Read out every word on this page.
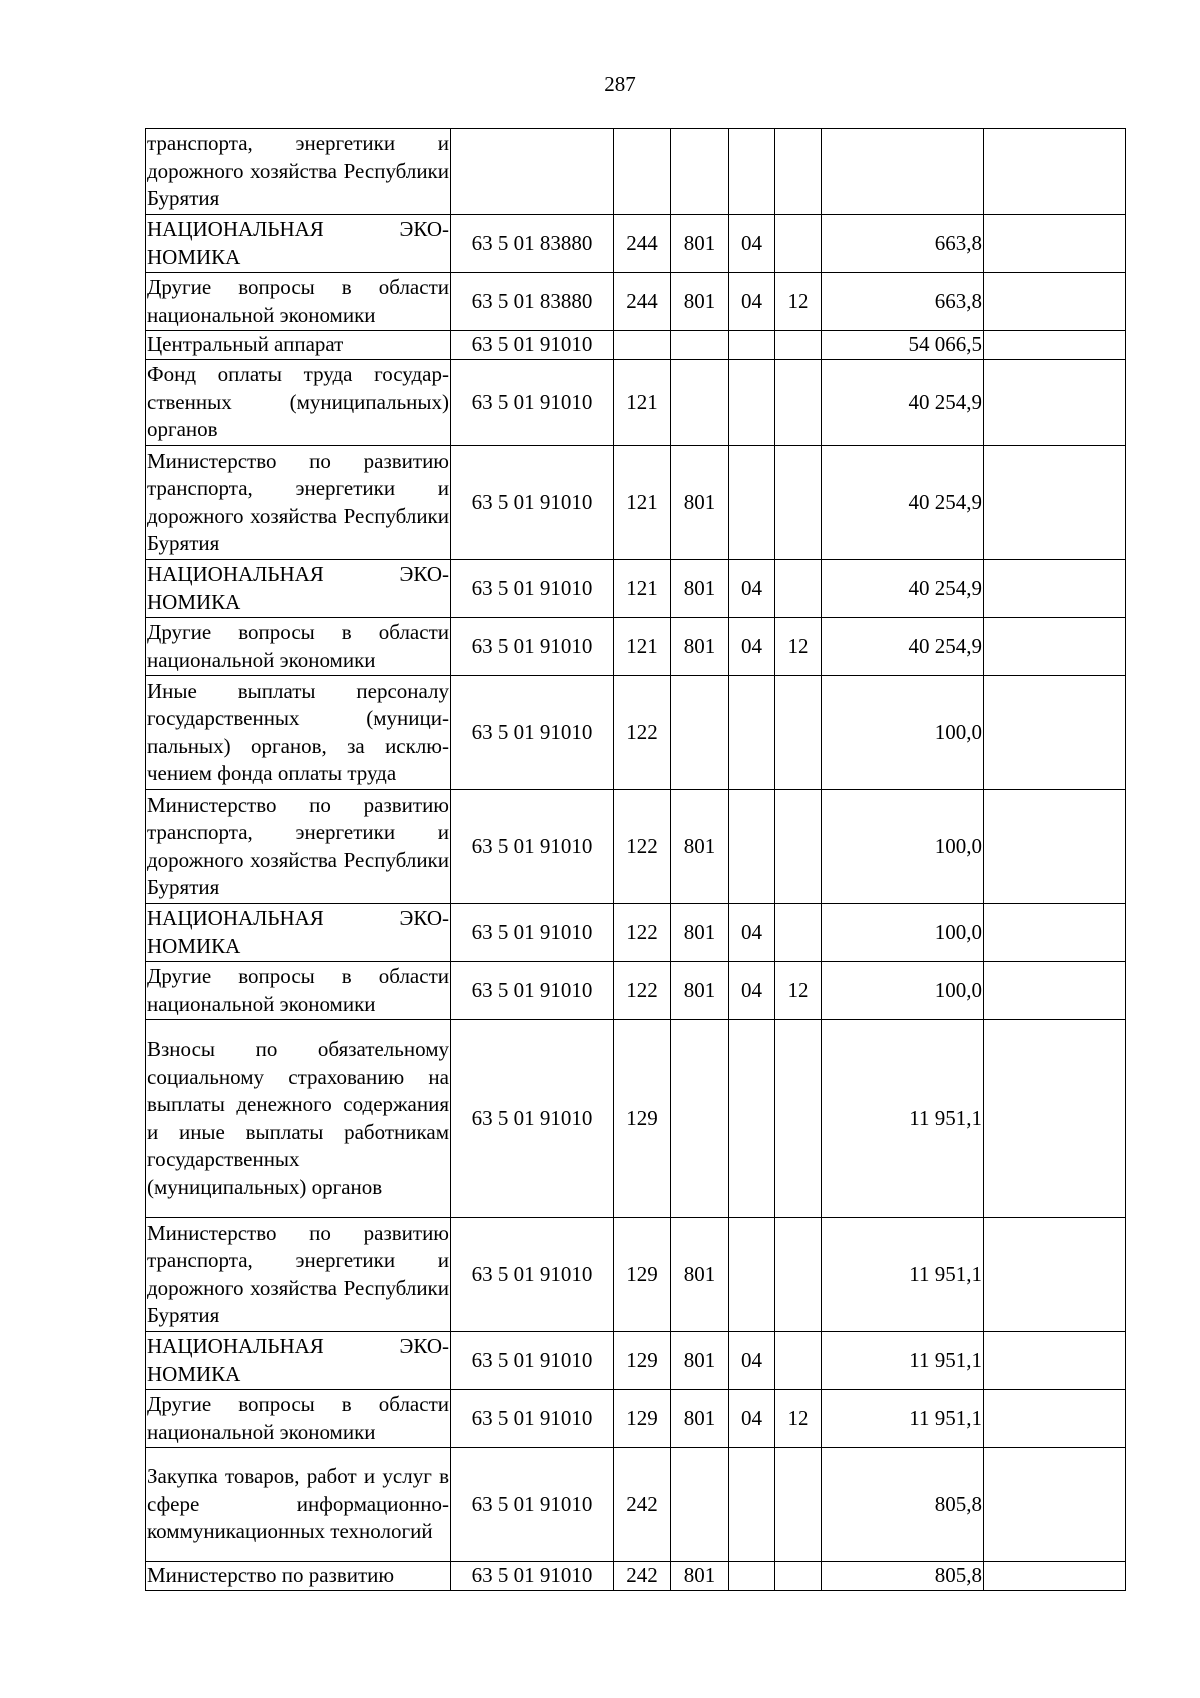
287
транспорта, энергетики и дорожного хозяйства Республики Бурятия							
НАЦИОНАЛЬНАЯ ЭКОНОМИКА	63 5 01 83880	244	801	04		663,8	
Другие вопросы в области национальной экономики	63 5 01 83880	244	801	04	12	663,8	
Центральный аппарат	63 5 01 91010					54 066,5	
Фонд оплаты труда государственных (муниципальных) органов	63 5 01 91010	121				40 254,9	
Министерство по развитию транспорта, энергетики и дорожного хозяйства Республики Бурятия	63 5 01 91010	121	801			40 254,9	
НАЦИОНАЛЬНАЯ ЭКОНОМИКА	63 5 01 91010	121	801	04		40 254,9	
Другие вопросы в области национальной экономики	63 5 01 91010	121	801	04	12	40 254,9	
Иные выплаты персоналу государственных (муниципальных) органов, за исключением фонда оплаты труда	63 5 01 91010	122				100,0	
Министерство по развитию транспорта, энергетики и дорожного хозяйства Республики Бурятия	63 5 01 91010	122	801			100,0	
НАЦИОНАЛЬНАЯ ЭКОНОМИКА	63 5 01 91010	122	801	04		100,0	
Другие вопросы в области национальной экономики	63 5 01 91010	122	801	04	12	100,0	
Взносы по обязательному социальному страхованию на выплаты денежного содержания и иные выплаты работникам государственных (муниципальных) органов	63 5 01 91010	129				11 951,1	
Министерство по развитию транспорта, энергетики и дорожного хозяйства Республики Бурятия	63 5 01 91010	129	801			11 951,1	
НАЦИОНАЛЬНАЯ ЭКОНОМИКА	63 5 01 91010	129	801	04		11 951,1	
Другие вопросы в области национальной экономики	63 5 01 91010	129	801	04	12	11 951,1	
Закупка товаров, работ и услуг в сфере информационно-коммуникационных технологий	63 5 01 91010	242				805,8	
Министерство по развитию	63 5 01 91010	242	801			805,8	
